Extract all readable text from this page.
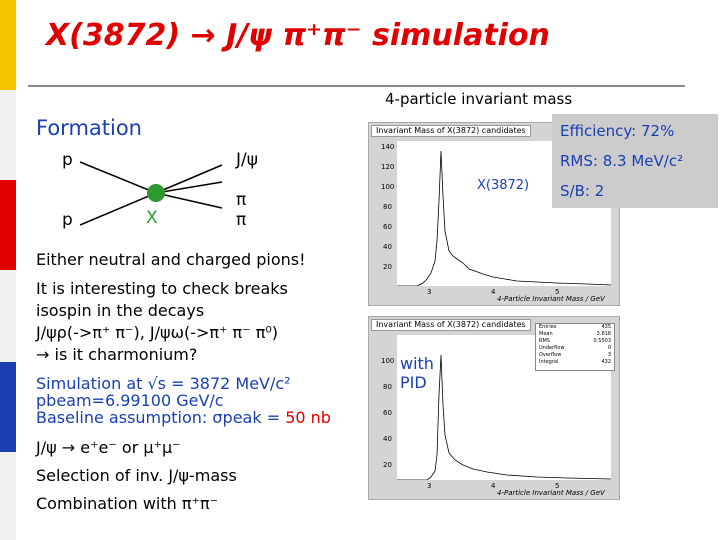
X(3872) → J/ψ π⁺π⁻ simulation
4-particle invariant mass
Formation
p
p	X
J/ψ
π
π
Either neutral and charged pions!
It is interesting to check breaks
isospin in the decays
J/ψρ(->π⁺ π⁻), J/ψω(->π⁺ π⁻ π⁰)
→ is it charmonium?
Simulation at √s = 3872 MeV/c²
pbeam=6.99100 GeV/c
Baseline assumption: σpeak = 50 nb
J/ψ → e⁺e⁻ or μ⁺μ⁻
Selection of inv. J/ψ-mass
Combination with π⁺π⁻
Invariant Mass of X(3872) candidates
140
120
100
80
60
40
20
3	4	5
4-Particle Invariant Mass / GeV
X(3872)
Efficiency: 72%
RMS: 8.3 MeV/c²
S/B: 2
Invariant Mass of X(3872) candidates	Entries	435
Mean	3.818
RMS	0.5503
Underflow	0
Overflow	3
Integral	432
100
80
60
40
20
3	4	5
4-Particle Invariant Mass / GeV
with
PID
